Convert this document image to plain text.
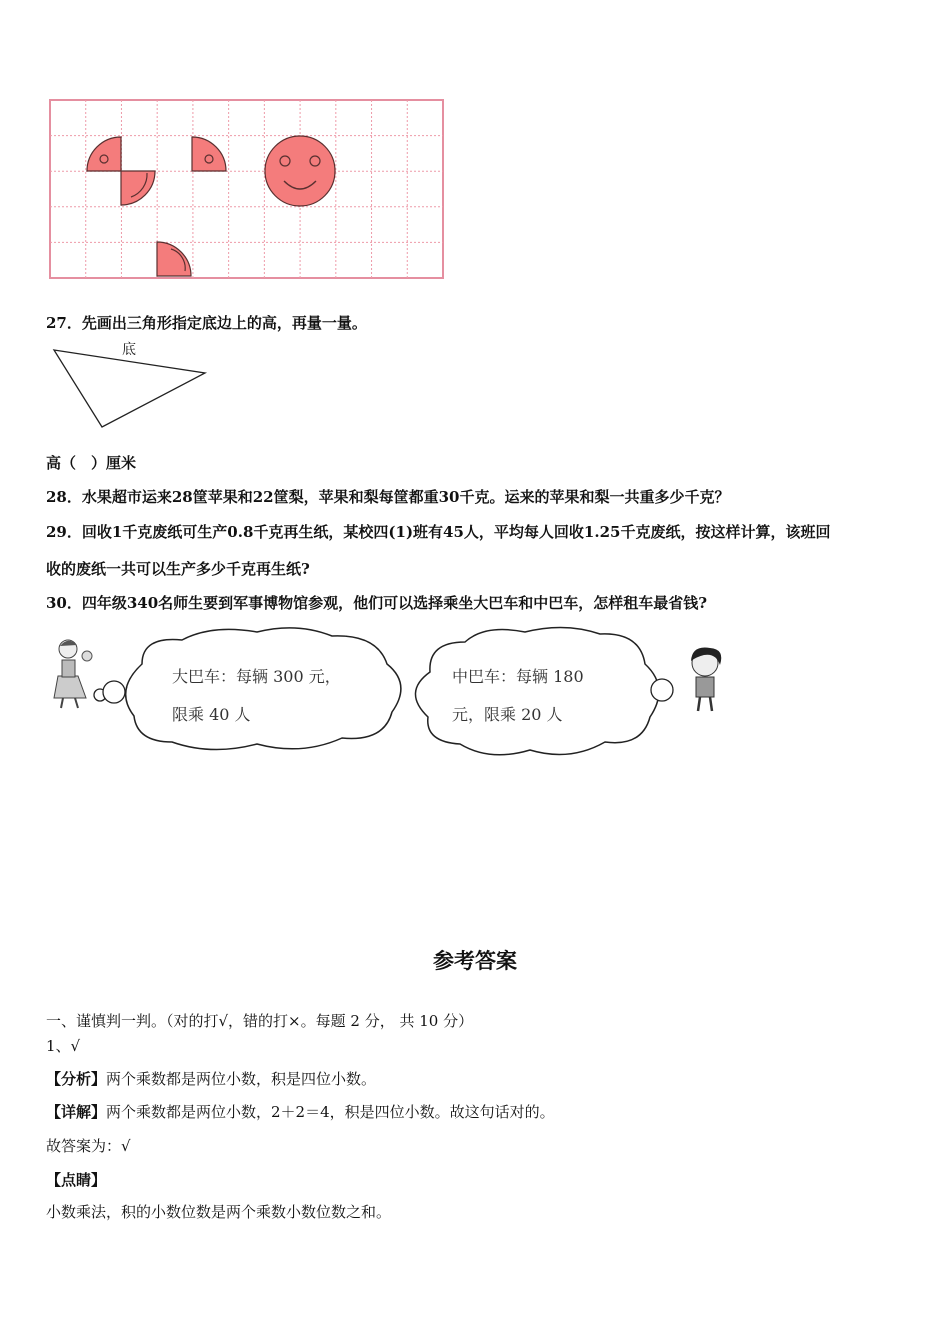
27．先画出三角形指定底边上的高，再量一量。
底
高（　）厘米
28．水果超市运来28筐苹果和22筐梨，苹果和梨每筐都重30千克。运来的苹果和梨一共重多少千克？
29．回收1千克废纸可生产0.8千克再生纸，某校四(1)班有45人，平均每人回收1.25千克废纸，按这样计算，该班回
收的废纸一共可以生产多少千克再生纸?
30．四年级340名师生要到军事博物馆参观，他们可以选择乘坐大巴车和中巴车，怎样租车最省钱?
大巴车：每辆 300 元，
限乘 40 人
中巴车：每辆 180
元，限乘 20 人
参考答案
一、谨慎判一判。（对的打√，错的打×。每题 2 分， 共 10 分）
1、√
【分析】两个乘数都是两位小数，积是四位小数。
【详解】两个乘数都是两位小数，2＋2＝4，积是四位小数。故这句话对的。
故答案为：√
【点睛】
小数乘法，积的小数位数是两个乘数小数位数之和。
